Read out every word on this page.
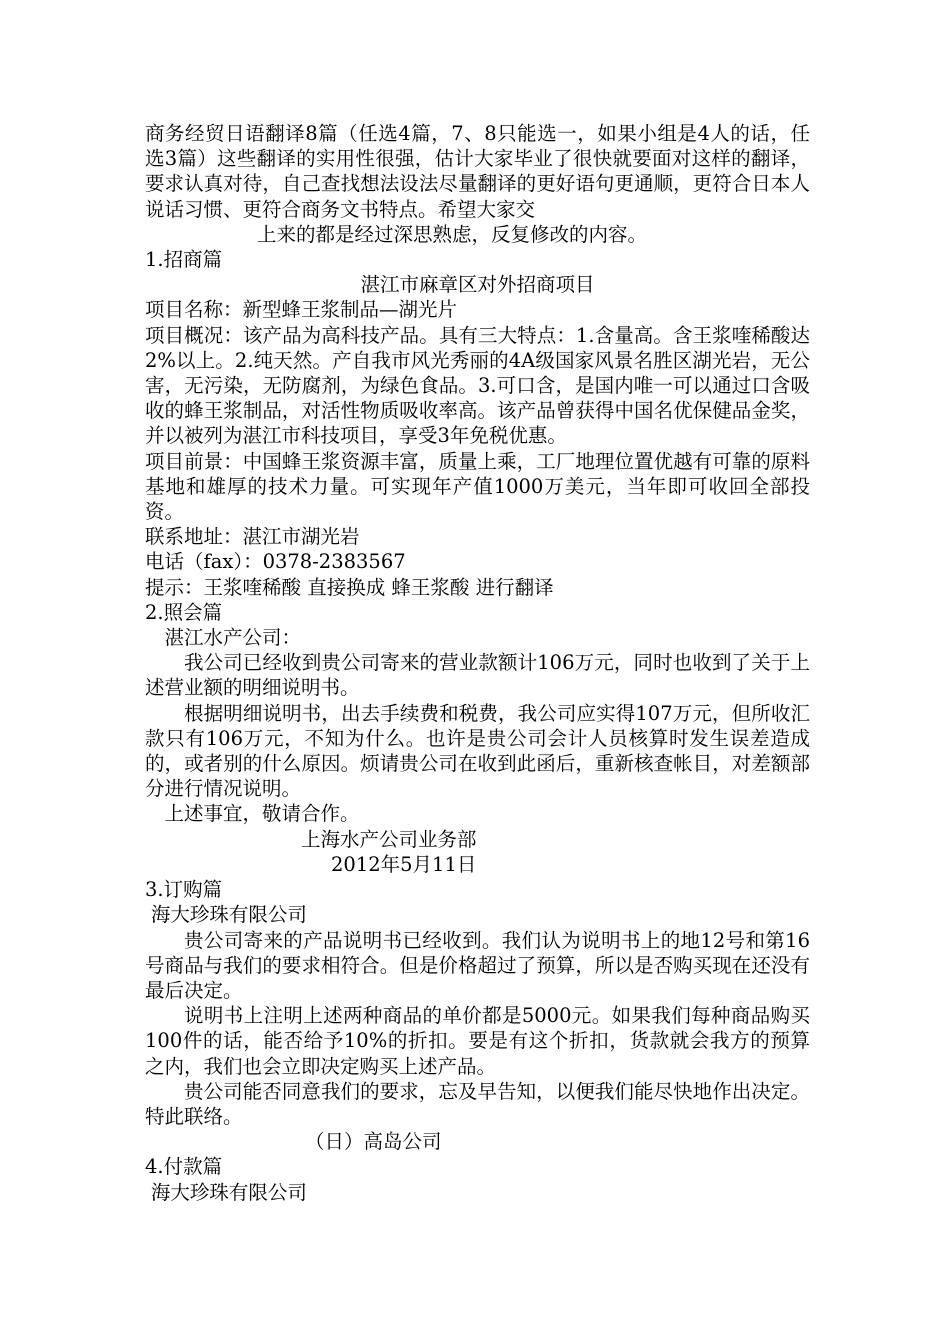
商务经贸日语翻译8篇（任选4篇，7、8只能选一，如果小组是4人的话，任选3篇）这些翻译的实用性很强，估计大家毕业了很快就要面对这样的翻译，要求认真对待，自己查找想法设法尽量翻译的更好语句更通顺，更符合日本人说话习惯、更符合商务文书特点。希望大家交

上来的都是经过深思熟虑，反复修改的内容。

1.招商篇

湛江市麻章区对外招商项目

项目名称：新型蜂王浆制品—湖光片

项目概况：该产品为高科技产品。具有三大特点：1.含量高。含王浆喹稀酸达2%以上。2.纯天然。产自我市风光秀丽的4A级国家风景名胜区湖光岩，无公害，无污染，无防腐剂，为绿色食品。3.可口含，是国内唯一可以通过口含吸收的蜂王浆制品，对活性物质吸收率高。该产品曾获得中国名优保健品金奖，并以被列为湛江市科技项目，享受3年免税优惠。

项目前景：中国蜂王浆资源丰富，质量上乘，工厂地理位置优越有可靠的原料基地和雄厚的技术力量。可实现年产值1000万美元，当年即可收回全部投资。

联系地址：湛江市湖光岩

电话（fax）：0378-2383567

提示：王浆喹稀酸 直接换成 蜂王浆酸 进行翻译

2.照会篇

湛江水产公司：

我公司已经收到贵公司寄来的营业款额计106万元，同时也收到了关于上述营业额的明细说明书。

根据明细说明书，出去手续费和税费，我公司应实得107万元，但所收汇款只有106万元，不知为什么。也许是贵公司会计人员核算时发生误差造成的，或者别的什么原因。烦请贵公司在收到此函后，重新核查帐目，对差额部分进行情况说明。

上述事宜，敬请合作。

上海水产公司业务部

2012年5月11日

3.订购篇

海大珍珠有限公司

贵公司寄来的产品说明书已经收到。我们认为说明书上的地12号和第16号商品与我们的要求相符合。但是价格超过了预算，所以是否购买现在还没有最后决定。

说明书上注明上述两种商品的单价都是5000元。如果我们每种商品购买100件的话，能否给予10%的折扣。要是有这个折扣，货款就会我方的预算之内，我们也会立即决定购买上述产品。

贵公司能否同意我们的要求，忘及早告知，以便我们能尽快地作出决定。特此联络。

（日）高岛公司

4.付款篇

海大珍珠有限公司
